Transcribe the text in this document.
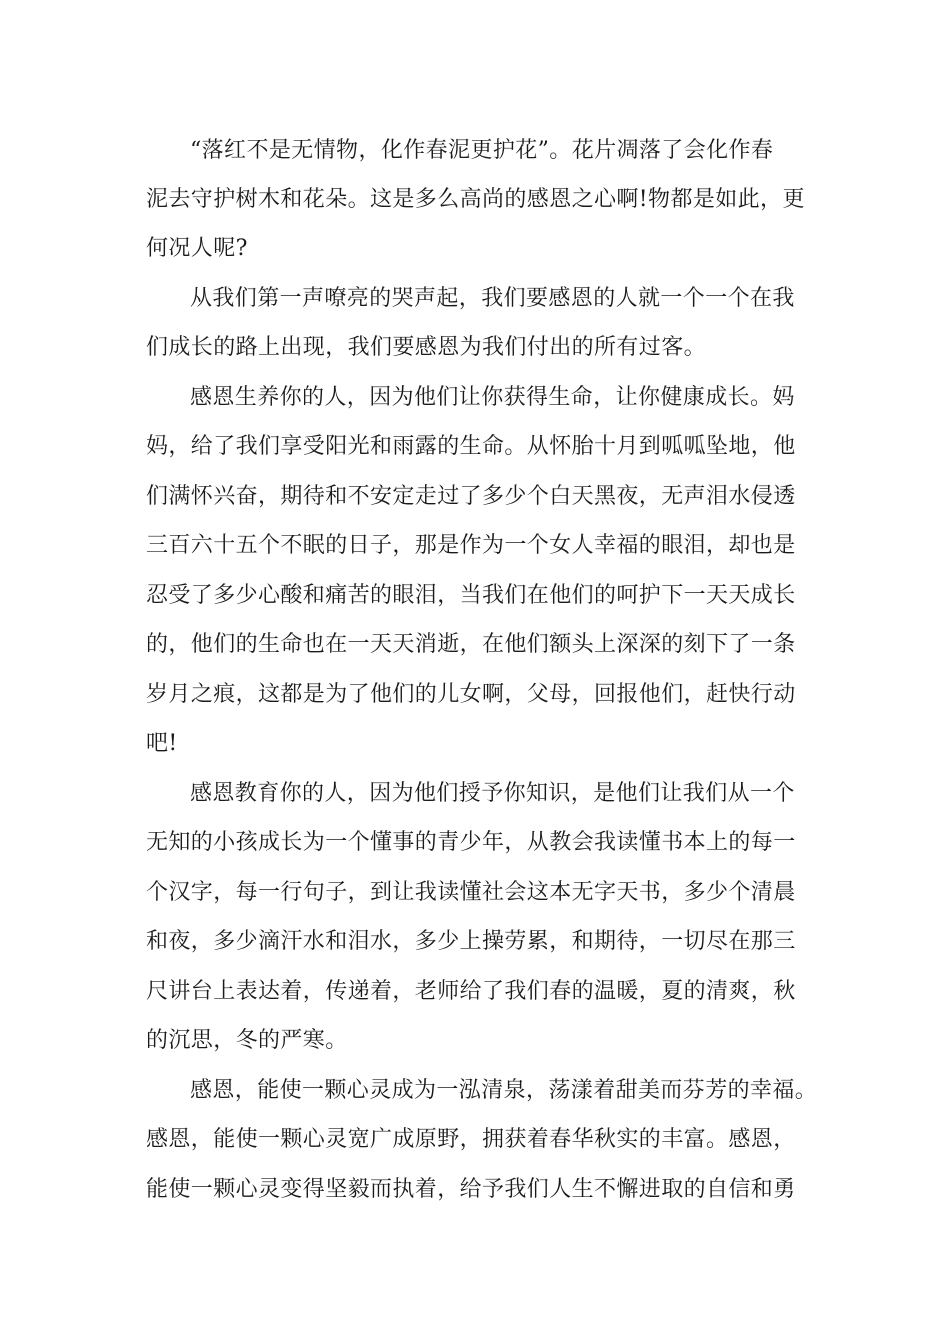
“落红不是无情物，化作春泥更护花”。花片凋落了会化作春
泥去守护树木和花朵。这是多么高尚的感恩之心啊!物都是如此，更
何况人呢?
从我们第一声嘹亮的哭声起，我们要感恩的人就一个一个在我
们成长的路上出现，我们要感恩为我们付出的所有过客。
感恩生养你的人，因为他们让你获得生命，让你健康成长。妈
妈，给了我们享受阳光和雨露的生命。从怀胎十月到呱呱坠地，他
们满怀兴奋，期待和不安定走过了多少个白天黑夜，无声泪水侵透
三百六十五个不眠的日子，那是作为一个女人幸福的眼泪，却也是
忍受了多少心酸和痛苦的眼泪，当我们在他们的呵护下一天天成长
的，他们的生命也在一天天消逝，在他们额头上深深的刻下了一条
岁月之痕，这都是为了他们的儿女啊，父母，回报他们，赶快行动
吧!
感恩教育你的人，因为他们授予你知识，是他们让我们从一个
无知的小孩成长为一个懂事的青少年，从教会我读懂书本上的每一
个汉字，每一行句子，到让我读懂社会这本无字天书，多少个清晨
和夜，多少滴汗水和泪水，多少上操劳累，和期待，一切尽在那三
尺讲台上表达着，传递着，老师给了我们春的温暖，夏的清爽，秋
的沉思，冬的严寒。
感恩，能使一颗心灵成为一泓清泉，荡漾着甜美而芬芳的幸福。
感恩，能使一颗心灵宽广成原野，拥获着春华秋实的丰富。感恩，
能使一颗心灵变得坚毅而执着，给予我们人生不懈进取的自信和勇
